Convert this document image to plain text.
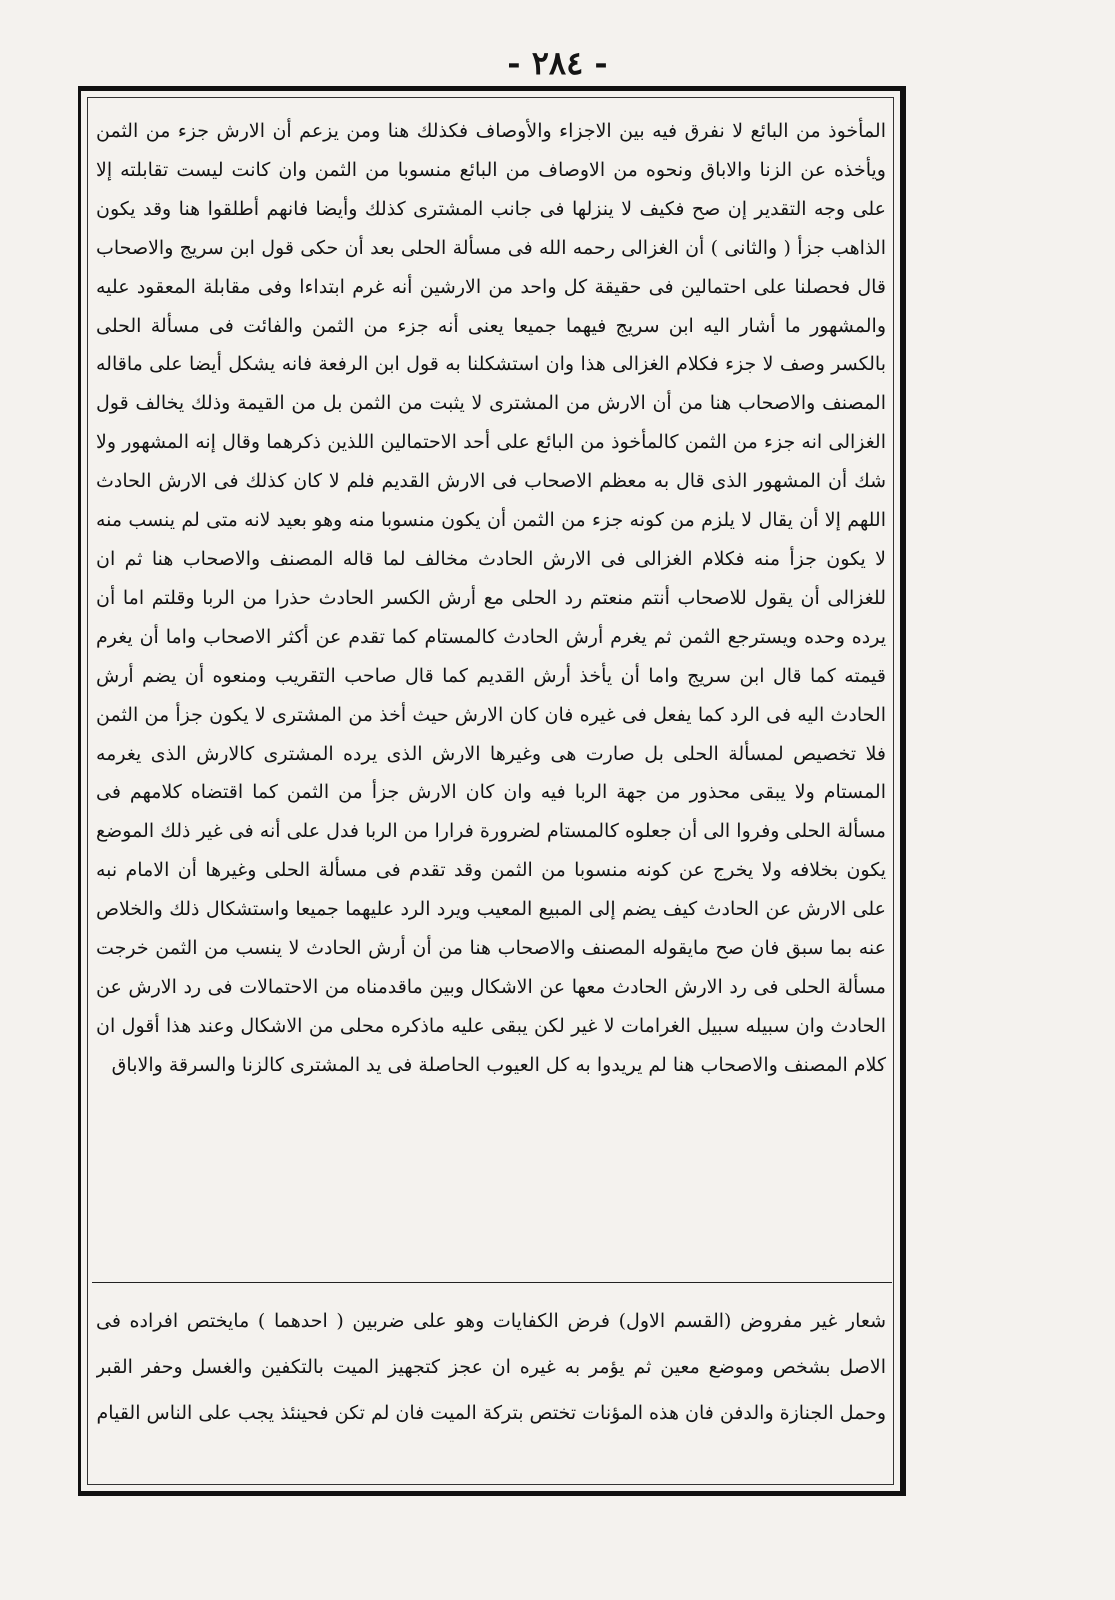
- ٢٨٤ -

المأخوذ من البائع لا نفرق فيه بين الاجزاء والأوصاف فكذلك هنا ومن يزعم أن الارش جزء من الثمن ويأخذه عن الزنا والاباق ونحوه من الاوصاف من البائع منسوبا من الثمن وان كانت ليست تقابلته إلا على وجه التقدير إن صح فكيف لا ينزلها فى جانب المشترى كذلك وأيضا فانهم أطلقوا هنا وقد يكون الذاهب جزأ ( والثانى ) أن الغزالى رحمه الله فى مسألة الحلى بعد أن حكى قول ابن سريج والاصحاب قال فحصلنا على احتمالين فى حقيقة كل واحد من الارشين أنه غرم ابتداءا وفى مقابلة المعقود عليه والمشهور ما أشار اليه ابن سريج فيهما جميعا يعنى أنه جزء من الثمن والفائت فى مسألة الحلى بالكسر وصف لا جزء فكلام الغزالى هذا وان استشكلنا به قول ابن الرفعة فانه يشكل أيضا على ماقاله المصنف والاصحاب هنا من أن الارش من المشترى لا يثبت من الثمن بل من القيمة وذلك يخالف قول الغزالى انه جزء من الثمن كالمأخوذ من البائع على أحد الاحتمالين اللذين ذكرهما وقال إنه المشهور ولا شك أن المشهور الذى قال به معظم الاصحاب فى الارش القديم فلم لا كان كذلك فى الارش الحادث اللهم إلا أن يقال لا يلزم من كونه جزء من الثمن أن يكون منسوبا منه وهو بعيد لانه متى لم ينسب منه لا يكون جزأ منه فكلام الغزالى فى الارش الحادث مخالف لما قاله المصنف والاصحاب هنا ثم ان للغزالى أن يقول للاصحاب أنتم منعتم رد الحلى مع أرش الكسر الحادث حذرا من الربا وقلتم اما أن يرده وحده ويسترجع الثمن ثم يغرم أرش الحادث كالمستام كما تقدم عن أكثر الاصحاب واما أن يغرم قيمته كما قال ابن سريج واما أن يأخذ أرش القديم كما قال صاحب التقريب ومنعوه أن يضم أرش الحادث اليه فى الرد كما يفعل فى غيره فان كان الارش حيث أخذ من المشترى لا يكون جزأ من الثمن فلا تخصيص لمسألة الحلى بل صارت هى وغيرها الارش الذى يرده المشترى كالارش الذى يغرمه المستام ولا يبقى محذور من جهة الربا فيه وان كان الارش جزأ من الثمن كما اقتضاه كلامهم فى مسألة الحلى وفروا الى أن جعلوه كالمستام لضرورة فرارا من الربا فدل على أنه فى غير ذلك الموضع يكون بخلافه ولا يخرج عن كونه منسوبا من الثمن وقد تقدم فى مسألة الحلى وغيرها أن الامام نبه على الارش عن الحادث كيف يضم إلى المبيع المعيب ويرد الرد عليهما جميعا واستشكال ذلك والخلاص عنه بما سبق فان صح مايقوله المصنف والاصحاب هنا من أن أرش الحادث لا ينسب من الثمن خرجت مسألة الحلى فى رد الارش الحادث معها عن الاشكال وبين ماقدمناه من الاحتمالات فى رد الارش عن الحادث وان سبيله سبيل الغرامات لا غير لكن يبقى عليه ماذكره محلى من الاشكال وعند هذا أقول ان كلام المصنف والاصحاب هنا لم يريدوا به كل العيوب الحاصلة فى يد المشترى كالزنا والسرقة والاباق

شعار غير مفروض (القسم الاول) فرض الكفايات وهو على ضربين ( احدهما ) مايختص افراده فى الاصل بشخص وموضع معين ثم يؤمر به غيره ان عجز كتجهيز الميت بالتكفين والغسل وحفر القبر وحمل الجنازة والدفن فان هذه المؤنات تختص بتركة الميت فان لم تكن فحينئذ يجب على الناس القيام
